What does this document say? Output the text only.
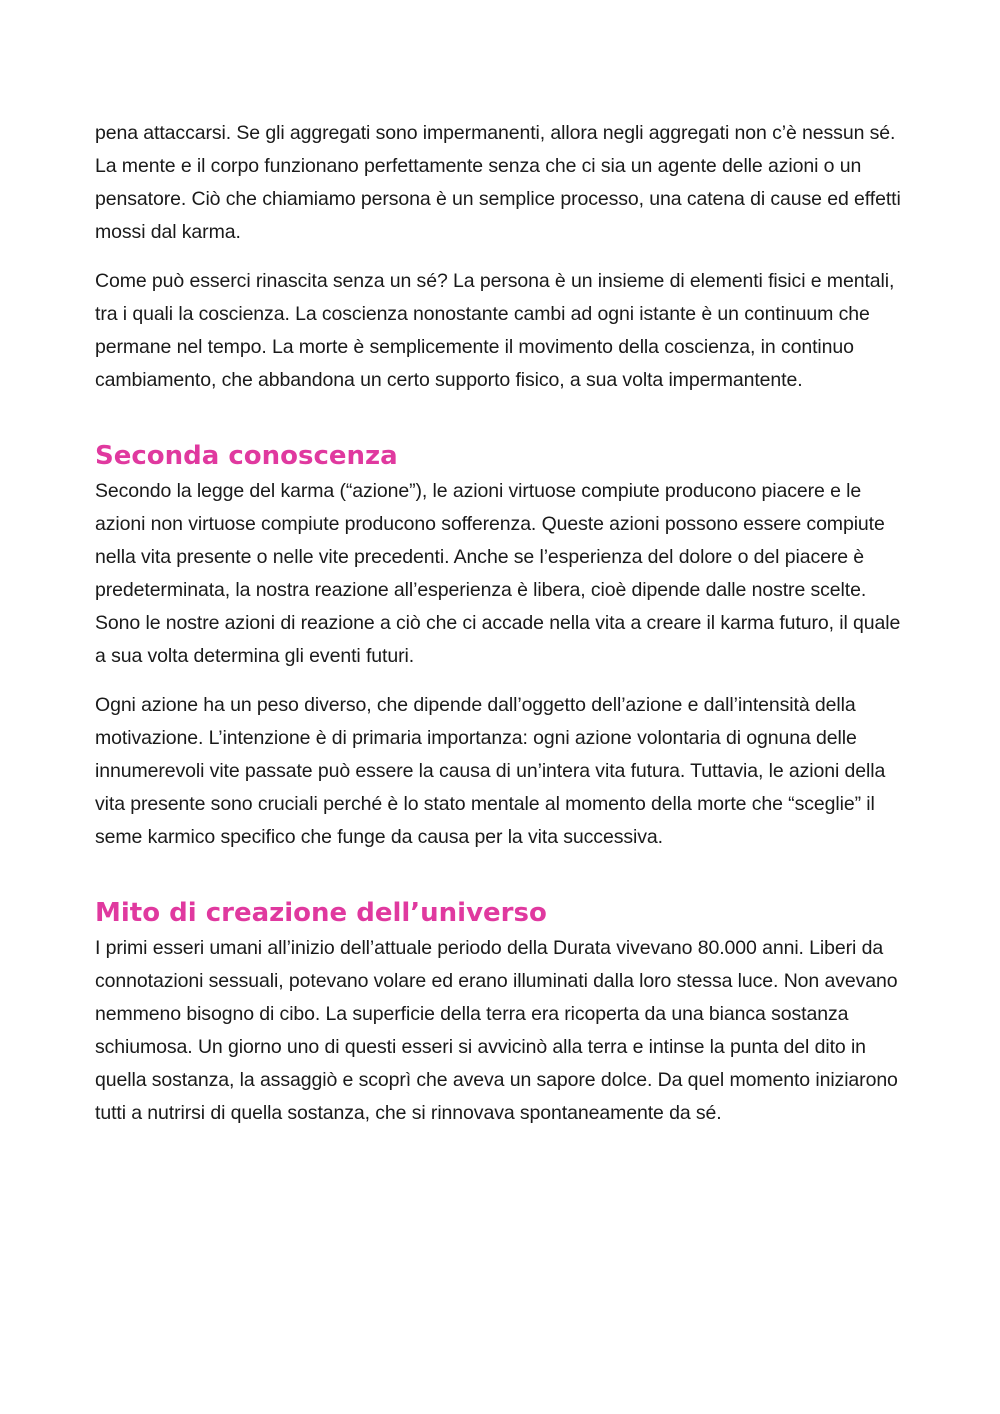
pena attaccarsi. Se gli aggregati sono impermanenti, allora negli aggregati non c’è nessun sé. La mente e il corpo funzionano perfettamente senza che ci sia un agente delle azioni o un pensatore. Ciò che chiamiamo persona è un semplice processo, una catena di cause ed effetti mossi dal karma.

Come può esserci rinascita senza un sé? La persona è un insieme di elementi fisici e mentali, tra i quali la coscienza. La coscienza nonostante cambi ad ogni istante è un continuum che permane nel tempo. La morte è semplicemente il movimento della coscienza, in continuo cambiamento, che abbandona un certo supporto fisico, a sua volta impermantente.

Seconda conoscenza

Secondo la legge del karma (“azione”), le azioni virtuose compiute producono piacere e le azioni non virtuose compiute producono sofferenza. Queste azioni possono essere compiute nella vita presente o nelle vite precedenti. Anche se l’esperienza del dolore o del piacere è predeterminata, la nostra reazione all’esperienza è libera, cioè dipende dalle nostre scelte. Sono le nostre azioni di reazione a ciò che ci accade nella vita a creare il karma futuro, il quale a sua volta determina gli eventi futuri.

Ogni azione ha un peso diverso, che dipende dall’oggetto dell’azione e dall’intensità della motivazione. L’intenzione è di primaria importanza: ogni azione volontaria di ognuna delle innumerevoli vite passate può essere la causa di un’intera vita futura. Tuttavia, le azioni della vita presente sono cruciali perché è lo stato mentale al momento della morte che “sceglie” il seme karmico specifico che funge da causa per la vita successiva.

Mito di creazione dell’universo

I primi esseri umani all’inizio dell’attuale periodo della Durata vivevano 80.000 anni. Liberi da connotazioni sessuali, potevano volare ed erano illuminati dalla loro stessa luce. Non avevano nemmeno bisogno di cibo. La superficie della terra era ricoperta da una bianca sostanza schiumosa. Un giorno uno di questi esseri si avvicinò alla terra e intinse la punta del dito in quella sostanza, la assaggiò e scoprì che aveva un sapore dolce. Da quel momento iniziarono tutti a nutrirsi di quella sostanza, che si rinnovava spontaneamente da sé.
